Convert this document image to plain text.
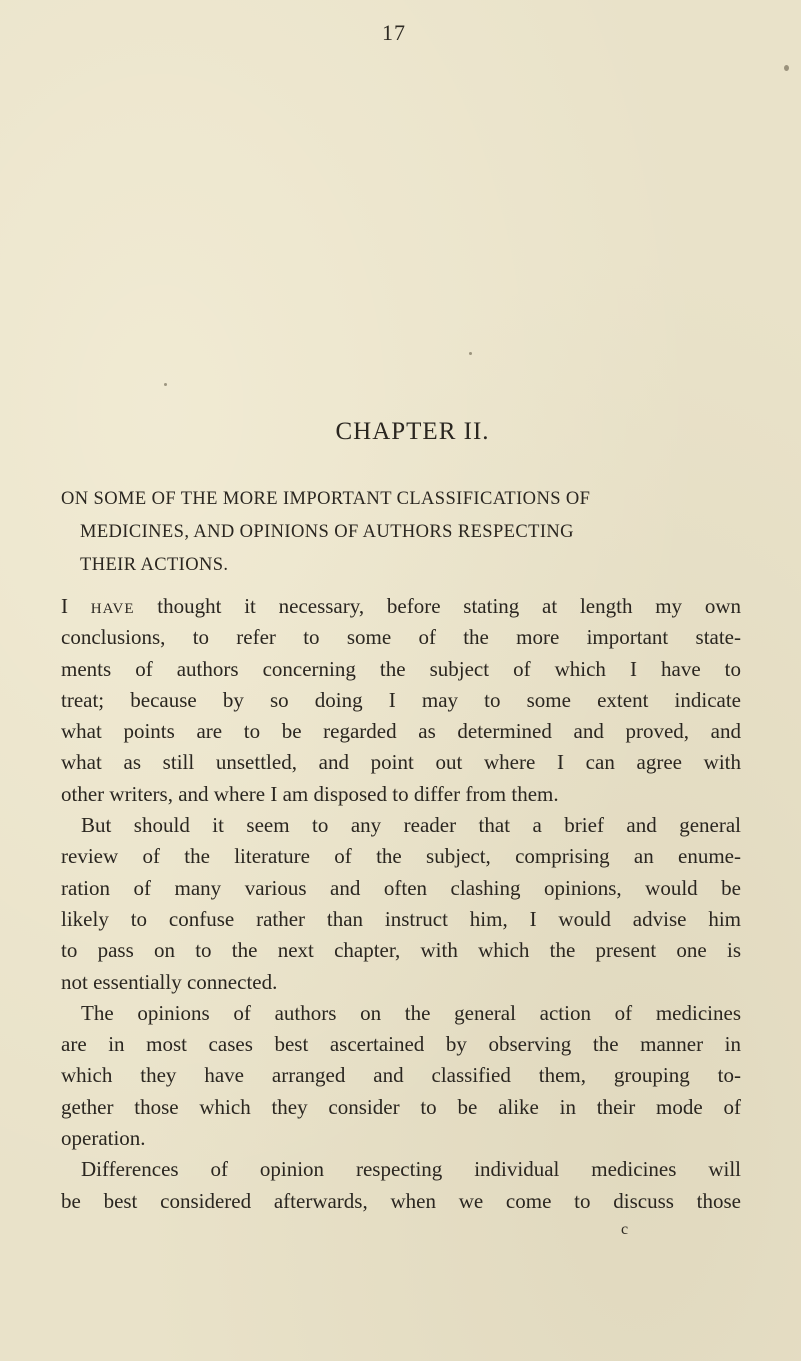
17
CHAPTER II.
ON SOME OF THE MORE IMPORTANT CLASSIFICATIONS OF
MEDICINES, AND OPINIONS OF AUTHORS RESPECTING
THEIR ACTIONS.
I have thought it necessary, before stating at length my own
conclusions, to refer to some of the more important state-
ments of authors concerning the subject of which I have to
treat; because by so doing I may to some extent indicate
what points are to be regarded as determined and proved, and
what as still unsettled, and point out where I can agree with
other writers, and where I am disposed to differ from them.
But should it seem to any reader that a brief and general
review of the literature of the subject, comprising an enume-
ration of many various and often clashing opinions, would be
likely to confuse rather than instruct him, I would advise him
to pass on to the next chapter, with which the present one is
not essentially connected.
The opinions of authors on the general action of medicines
are in most cases best ascertained by observing the manner in
which they have arranged and classified them, grouping to-
gether those which they consider to be alike in their mode of
operation.
Differences of opinion respecting individual medicines will
be best considered afterwards, when we come to discuss those
c
